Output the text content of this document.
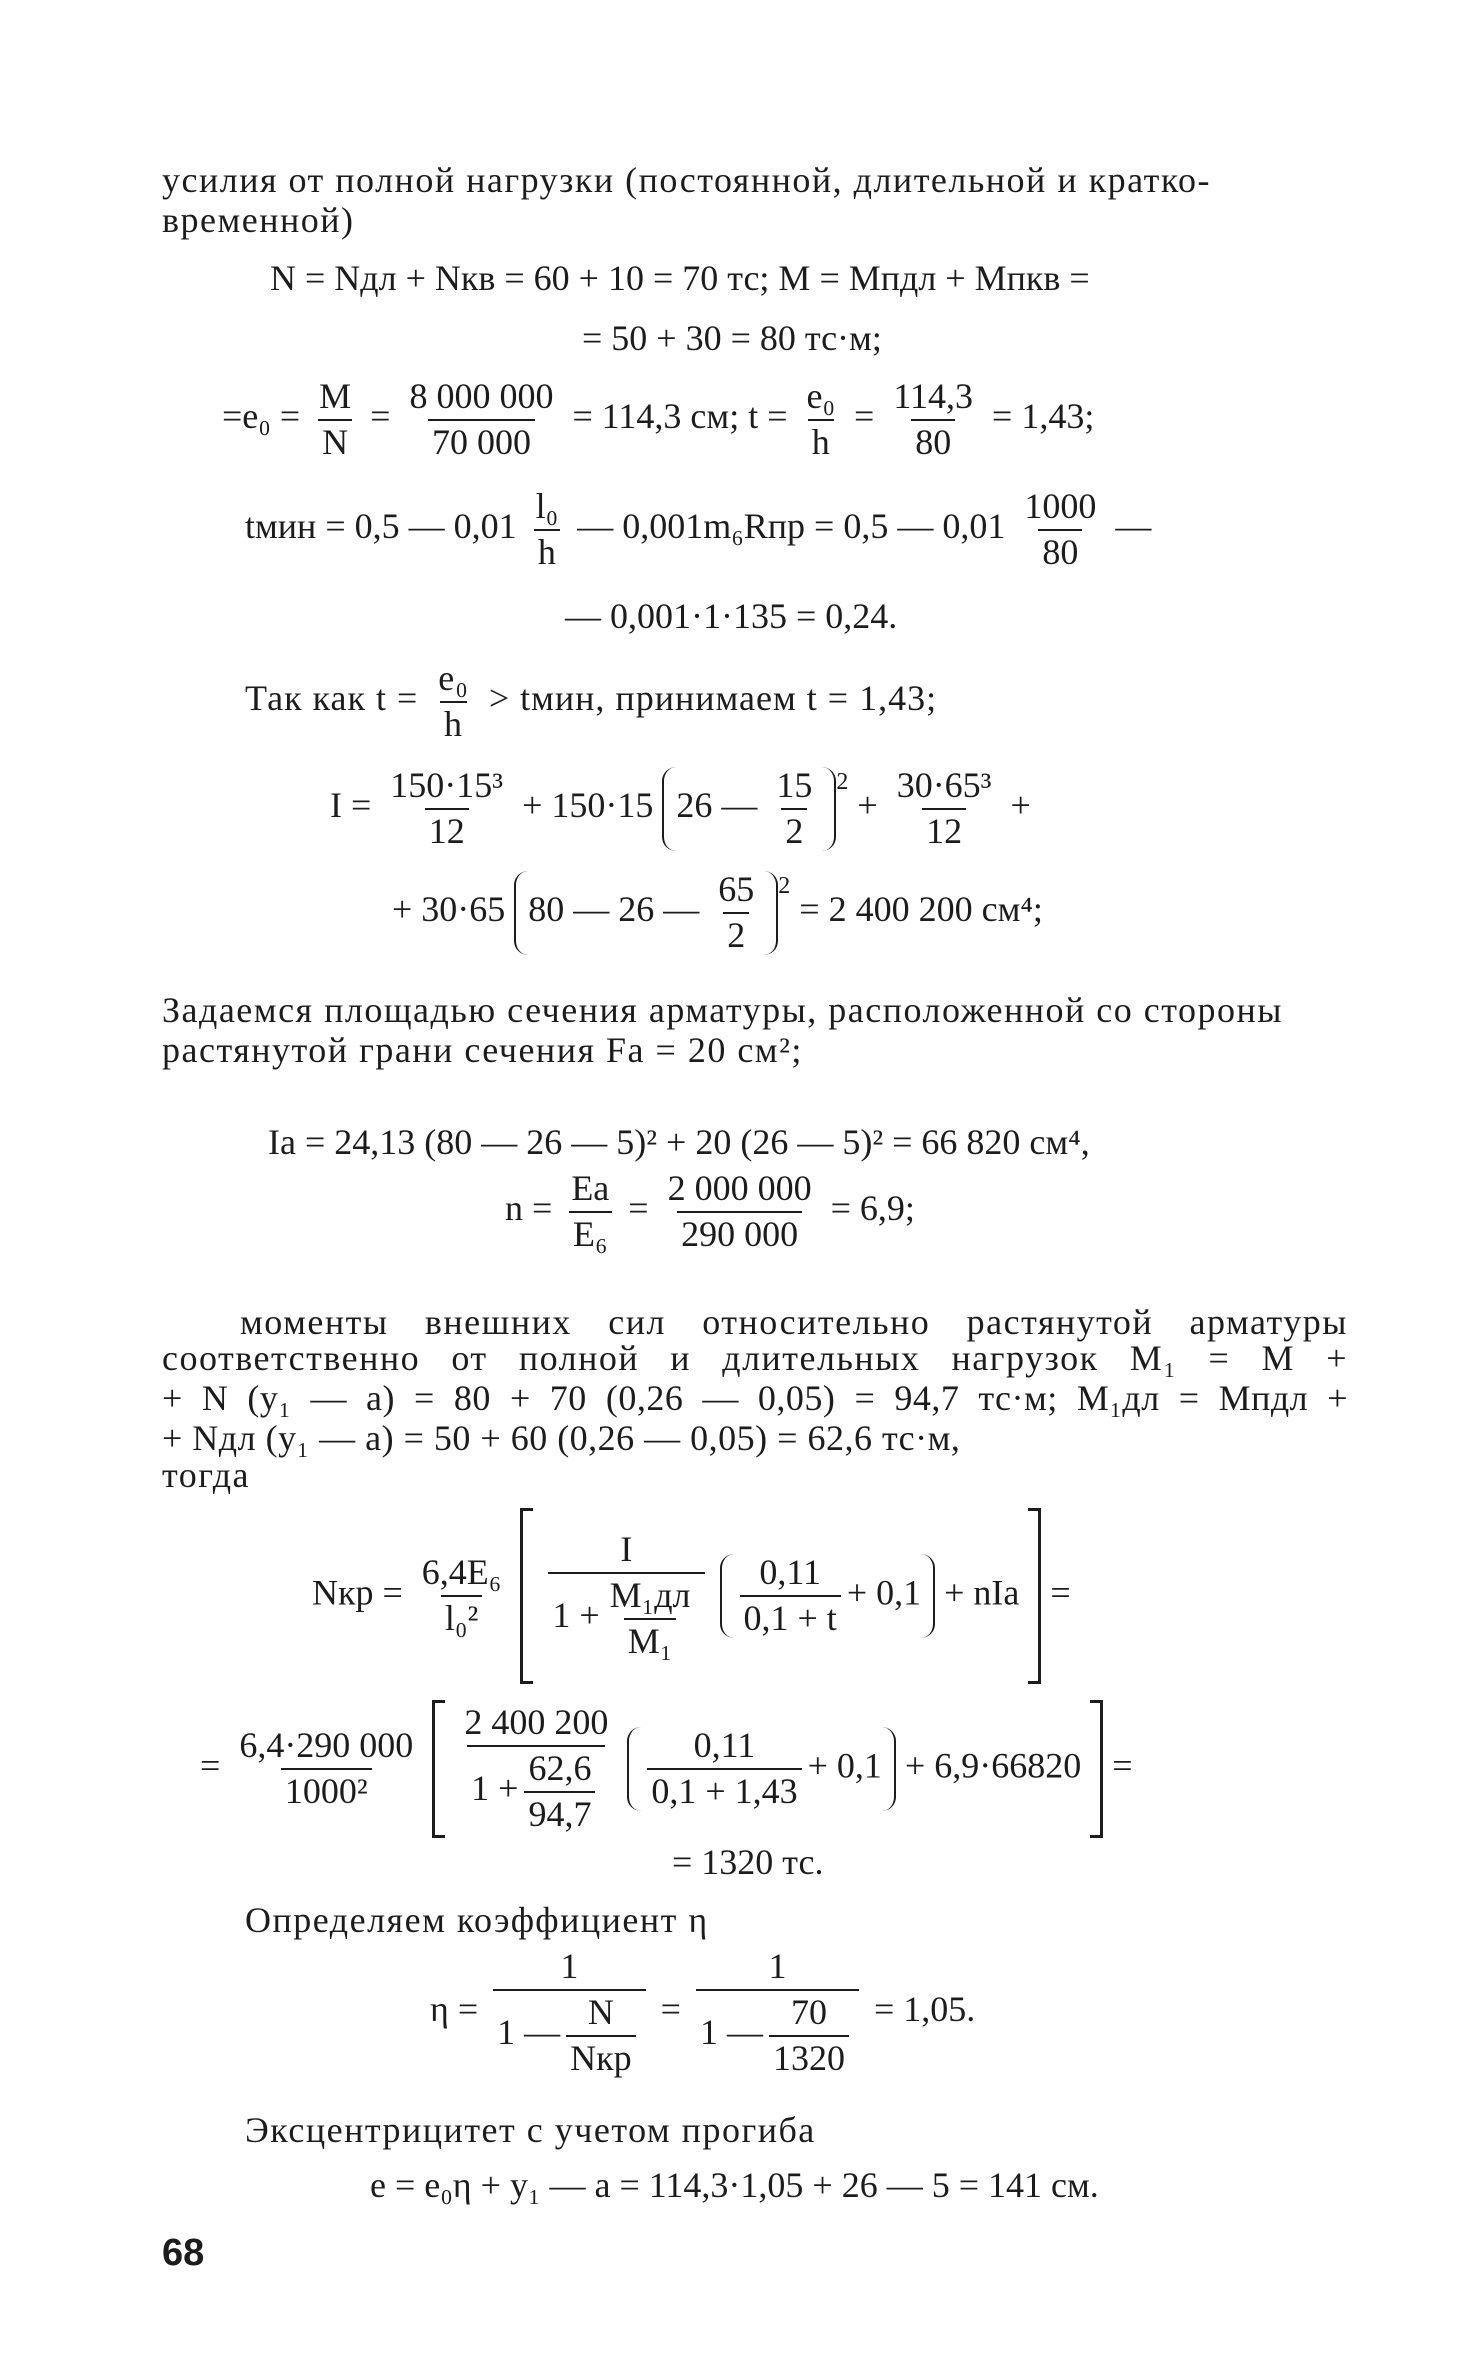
усилия от полной нагрузки (постоянной, длительной и кратко-временной)
N = Nдл + Nкв = 60 + 10 = 70 тс; M = Mпдл + Mпкв =
= 50 + 30 = 80 тс·м;
$=e_0 = \frac{M}{N} = \frac{8 000 000}{70 000} = 114,3$ см; $t = \frac{\text{e₀}}{h} = \frac{114,3}{80} = 1,43$;
tмин = 0,5 — $0,01 \frac{\text{l₀}}{h}$ — 0,001m₆Rпр = 0,5 — $0,01 \frac{1000}{80}$ —
— 0,001·1·135 = 0,24.
Так как $t = \frac{\text{e₀}}{h}$ > tмин, принимаем t = 1,43;
$I = \frac{\text{150·15³}}{12} + 150\cdot 15$ 26 — $\frac{15}{2} ^2 + \frac{\text{30·65³}}{12}$ +
+ 30·65 80 — 26 — $\frac{65}{2} ^2 = 2$ 400 200 см⁴;
Задаемся площадью сечения арматуры, расположенной со стороны растянутой грани сечения Fа = 20 см²;
Iа = 24,13 (80 — 26 — 5)² + 20 (26 — 5)² = 66 820 см⁴,
$n = \frac{Eа}{\text{E₆}} = \frac{2 000 000}{290 000} = 6,9$;
моменты внешних сил относительно растянутой арматуры
соответственно от полной и длительных нагрузок M₁ = M +
+ N (y₁ — a) = 80 + 70 (0,26 — 0,05) = 94,7 тс·м; M₁дл = Mпдл +
+ Nдл (y₁ — a) = 50 + 60 (0,26 — 0,05) = 62,6 тс·м,
тогда
Nкр = $\frac{\text{6,4E₆}}{\text{l₀²}}$
$\frac{I}{1 + \frac{\text{M₁дл}}{\text{M₁}}}$
$\frac{0,11}{0,1 + t} + 0,1$ + nIа =
= $\frac{6,4\cdot 290 000}{\text{1000²}}$
$\frac{2 400 200}{1 + \frac{62,6}{94,7}}$
$\frac{0,11}{0,1 + 1,43} + 0,1 + 6,9\cdot 66820$ =
= 1320 тс.
Определяем коэффициент η
$\eta = \frac{1}{1 — \frac{N}{\text{Nкр}}} = \frac{1}{1 — \frac{70}{1320}} = 1,05$.
Эксцентрицитет с учетом прогиба
e = e₀η + y₁ — a = 114,3·1,05 + 26 — 5 = 141 см.
68
